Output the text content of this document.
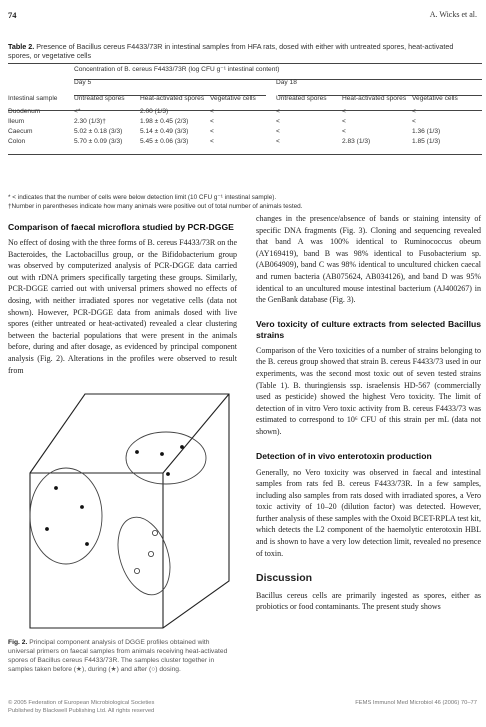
74	A. Wicks et al.
Table 2. Presence of Bacillus cereus F4433/73R in intestinal samples from HFA rats, dosed with either with untreated spores, heat-activated spores, or vegetative cells
	Concentration of B. cereus F4433/73R (log CFU g⁻¹ intestinal content)					
	Day 5			Day 18		
Intestinal sample	Untreated spores	Heat-activated spores	Vegetative cells	Untreated spores	Heat-activated spores	Vegetative cells
Duodenum	<*	2.00 (1/3)	<	<	<	<
Ileum	2.30 (1/3)†	1.98 ± 0.45 (2/3)	<	<	<	<
Caecum	5.02 ± 0.18 (3/3)	5.14 ± 0.49 (3/3)	<	<	<	1.36 (1/3)
Colon	5.70 ± 0.09 (3/3)	5.45 ± 0.06 (3/3)	<	<	2.83 (1/3)	1.85 (1/3)
* < indicates that the number of cells were below detection limit (10 CFU g⁻¹ intestinal sample).
†Number in parentheses indicate how many animals were positive out of total number of animals tested.
Comparison of faecal microflora studied by PCR-DGGE

No effect of dosing with the three forms of B. cereus F4433/73R on the Bacteroides, the Lactobacillus group, or the Bifidobacterium group was observed by computerized analysis of PCR-DGGE data carried out with rDNA primers specifically targeting these groups. Similarly, PCR-DGGE carried out with universal primers showed no effects of dosing, with neither irradiated spores nor vegetative cells (data not shown). However, PCR-DGGE data from animals dosed with live spores (either untreated or heat-activated) revealed a clear clustering between the bacterial populations that were present in the animals before, during and after dosage, as evidenced by principal component analysis (Fig. 2). Alterations in the profiles were observed to result from

Fig. 2. Principal component analysis of DGGE profiles obtained with universal primers on faecal samples from animals receiving heat-activated spores of Bacillus cereus F4433/73R. The samples cluster together in samples taken before (★), during (★) and after (○) dosing.

changes in the presence/absence of bands or staining intensity of specific DNA fragments (Fig. 3). Cloning and sequencing revealed that band A was 100% identical to Ruminococcus obeum (AY169419), band B was 98% identical to Fusobacterium sp. (AB064909), band C was 98% identical to uncultured chicken caecal and rumen bacteria (AB075624, AB034126), and band D was 95% identical to an uncultured mouse intestinal bacterium (AJ400267) in the GenBank database (Fig. 3).

Vero toxicity of culture extracts from selected Bacillus strains

Comparison of the Vero toxicities of a number of strains belonging to the B. cereus group showed that strain B. cereus F4433/73 used in our experiments, was the second most toxic out of seven tested strains (Table 1). B. thuringiensis ssp. israelensis HD-567 (commercially used as pesticide) showed the highest Vero toxicity. The limit of detection of in vitro Vero toxic activity from B. cereus F4433/73 was estimated to correspond to 10⁶ CFU of this strain per mL (data not shown).

Detection of in vivo enterotoxin production

Generally, no Vero toxicity was observed in faecal and intestinal samples from rats fed B. cereus F4433/73R. In a few samples, including also samples from rats dosed with irradiated spores, a Vero toxic activity of 10–20 (dilution factor) was detected. However, further analysis of these samples with the Oxoid BCET-RPLA test kit, which detects the L2 component of the haemolytic enterotoxin HBL and is shown to have a very low detection limit, revealed no presence of toxin.

Discussion

Bacillus cereus cells are primarily ingested as spores, either as probiotics or food contaminants. The present study shows

© 2005 Federation of European Microbiological Societies
Published by Blackwell Publishing Ltd. All rights reserved
FEMS Immunol Med Microbiol 46 (2006) 70–77
